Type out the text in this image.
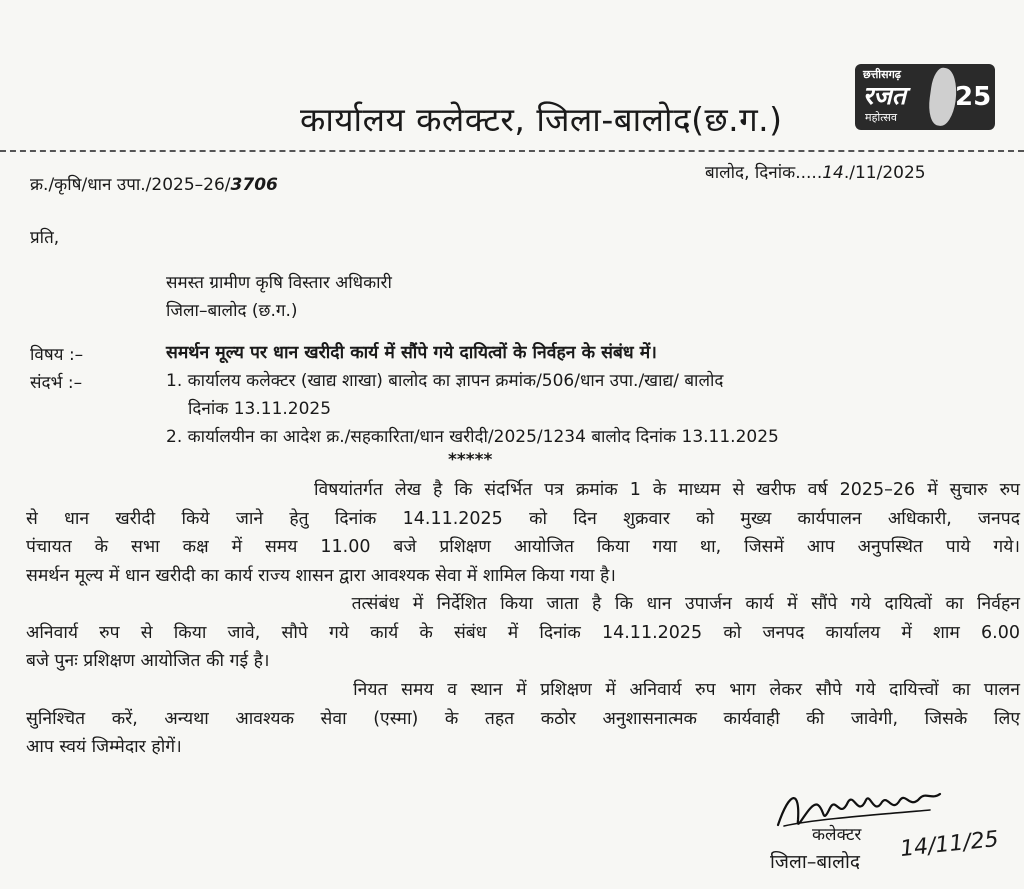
कार्यालय कलेक्टर, जिला-बालोद(छ.ग.)
छत्तीसगढ़
रजत
महोत्सव
25
क्र./कृषि/धान उपा./2025–26/3706
बालोद, दिनांक.....14./11/2025
प्रति,
समस्त ग्रामीण कृषि विस्तार अधिकारी
जिला–बालोद (छ.ग.)
विषय :–	समर्थन मूल्य पर धान खरीदी कार्य में सौंपे गये दायित्वों के निर्वहन के संबंध में।
संदर्भ :–	1. कार्यालय कलेक्टर (खाद्य शाखा) बालोद का ज्ञापन क्रमांक/506/धान उपा./खाद्य/ बालोद
दिनांक 13.11.2025
2. कार्यालयीन का आदेश क्र./सहकारिता/धान खरीदी/2025/1234 बालोद दिनांक 13.11.2025
*****
विषयांतर्गत लेख है कि संदर्भित पत्र क्रमांक 1 के माध्यम से खरीफ वर्ष 2025–26 में सुचारु रुप
से धान खरीदी किये जाने हेतु दिनांक 14.11.2025 को दिन शुक्रवार को मुख्य कार्यपालन अधिकारी, जनपद
पंचायत के सभा कक्ष में समय 11.00 बजे प्रशिक्षण आयोजित किया गया था, जिसमें आप अनुपस्थित पाये गये।
समर्थन मूल्य में धान खरीदी का कार्य राज्य शासन द्वारा आवश्यक सेवा में शामिल किया गया है।
तत्संबंध में निर्देशित किया जाता है कि धान उपार्जन कार्य में सौंपे गये दायित्वों का निर्वहन
अनिवार्य रुप से किया जावे, सौपे गये कार्य के संबंध में दिनांक 14.11.2025 को जनपद कार्यालय में शाम 6.00
बजे पुनः प्रशिक्षण आयोजित की गई है।
नियत समय व स्थान में प्रशिक्षण में अनिवार्य रुप भाग लेकर सौपे गये दायित्त्वों का पालन
सुनिश्चित करें, अन्यथा आवश्यक सेवा (एस्मा) के तहत कठोर अनुशासनात्मक कार्यवाही की जावेगी, जिसके लिए
आप स्वयं जिम्मेदार होगें।
कलेक्टर
जिला–बालोद 14/11/25
